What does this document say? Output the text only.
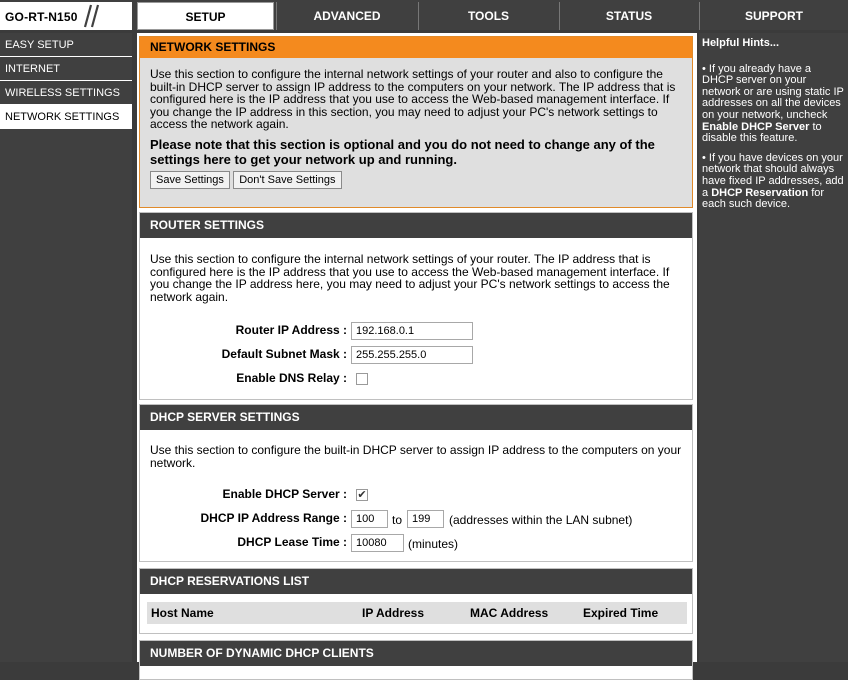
GO-RT-N150	SETUP	ADVANCED	TOOLS	STATUS	SUPPORT
EASY SETUP
INTERNET
WIRELESS SETTINGS
NETWORK SETTINGS
NETWORK SETTINGS
Use this section to configure the internal network settings of your router and also to configure the built-in DHCP server to assign IP address to the computers on your network. The IP address that is configured here is the IP address that you use to access the Web-based management interface. If you change the IP address in this section, you may need to adjust your PC's network settings to access the network again.
Please note that this section is optional and you do not need to change any of the settings here to get your network up and running.
Save Settings Don't Save Settings
ROUTER SETTINGS
Use this section to configure the internal network settings of your router. The IP address that is configured here is the IP address that you use to access the Web-based management interface. If you change the IP address here, you may need to adjust your PC's network settings to access the network again.
Router IP Address : 192.168.0.1
Default Subnet Mask : 255.255.255.0
Enable DNS Relay :
DHCP SERVER SETTINGS
Use this section to configure the built-in DHCP server to assign IP address to the computers on your network.
Enable DHCP Server : ✔
DHCP IP Address Range : 100	to 199	(addresses within the LAN subnet)
DHCP Lease Time : 10080	(minutes)
DHCP RESERVATIONS LIST
Host Name	IP Address	MAC Address	Expired Time
NUMBER OF DYNAMIC DHCP CLIENTS
Helpful Hints...

• If you already have a DHCP server on your network or are using static IP addresses on all the devices on your network, uncheck Enable DHCP Server to disable this feature.

• If you have devices on your network that should always have fixed IP addresses, add a DHCP Reservation for each such device.
